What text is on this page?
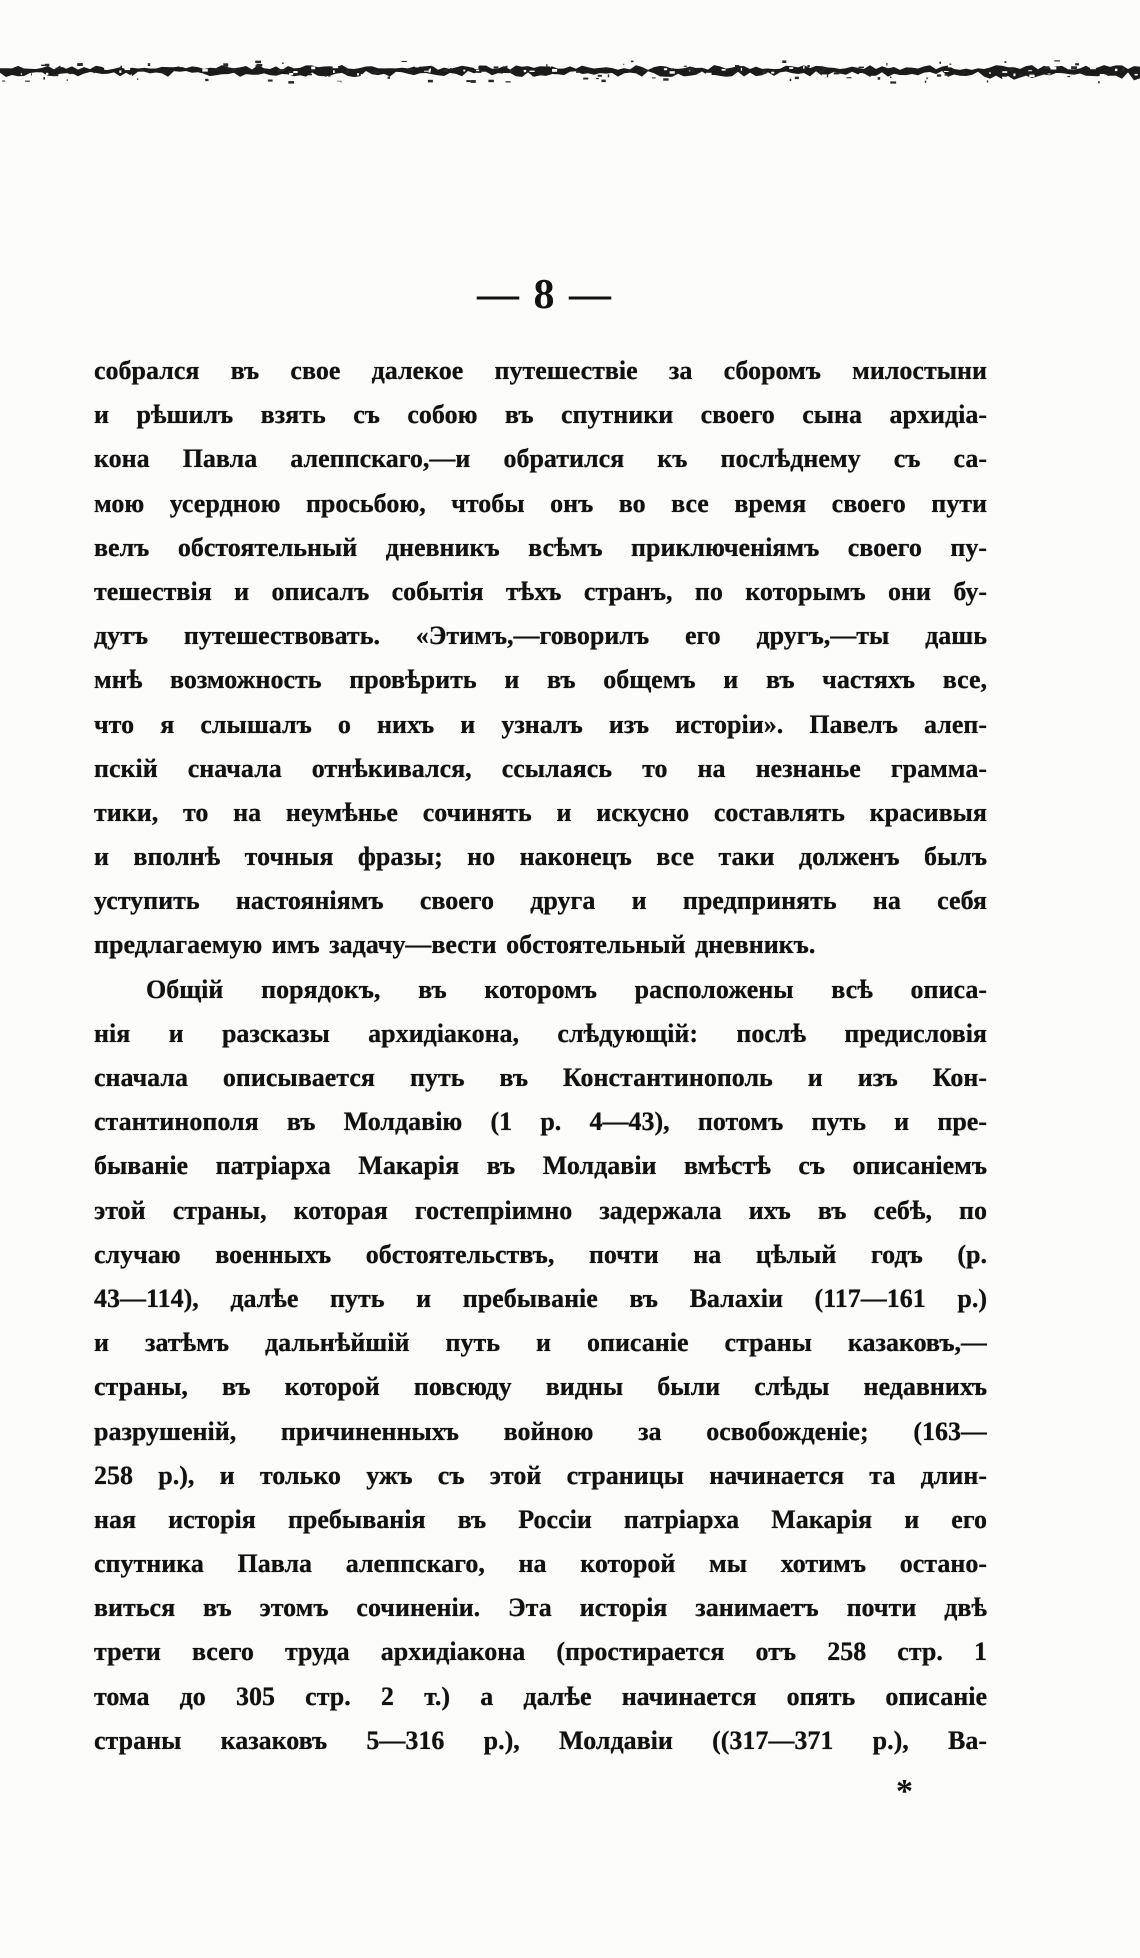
— 8 —
собрался въ свое далекое путешествіе за сборомъ милостыни
и рѣшилъ взять съ собою въ спутники своего сына архидіа-
кона Павла алеппскаго,—и обратился къ послѣднему съ са-
мою усердною просьбою, чтобы онъ во все время своего пути
велъ обстоятельный дневникъ всѣмъ приключеніямъ своего пу-
тешествія и описалъ событія тѣхъ странъ, по которымъ они бу-
дутъ путешествовать. «Этимъ,—говорилъ его другъ,—ты дашь
мнѣ возможность провѣрить и въ общемъ и въ частяхъ все,
что я слышалъ о нихъ и узналъ изъ исторіи». Павелъ алеп-
пскій сначала отнѣкивался, ссылаясь то на незнанье грамма-
тики, то на неумѣнье сочинять и искусно составлять красивыя
и вполнѣ точныя фразы; но наконецъ все таки долженъ былъ
уступить настояніямъ своего друга и предпринять на себя
предлагаемую имъ задачу—вести обстоятельный дневникъ.
Общій порядокъ, въ которомъ расположены всѣ описа-
нія и разсказы архидіакона, слѣдующій: послѣ предисловія
сначала описывается путь въ Константинополь и изъ Кон-
стантинополя въ Молдавію (1 р. 4—43), потомъ путь и пре-
бываніе патріарха Макарія въ Молдавіи вмѣстѣ съ описаніемъ
этой страны, которая гостепріимно задержала ихъ въ себѣ, по
случаю военныхъ обстоятельствъ, почти на цѣлый годъ (р.
43—114), далѣе путь и пребываніе въ Валахіи (117—161 р.)
и затѣмъ дальнѣйшій путь и описаніе страны казаковъ,—
страны, въ которой повсюду видны были слѣды недавнихъ
разрушеній, причиненныхъ войною за освобожденіе; (163—
258 р.), и только ужъ съ этой страницы начинается та длин-
ная исторія пребыванія въ Россіи патріарха Макарія и его
спутника Павла алеппскаго, на которой мы хотимъ остано-
виться въ этомъ сочиненіи. Эта исторія занимаетъ почти двѣ
трети всего труда архидіакона (простирается отъ 258 стр. 1
тома до 305 стр. 2 т.) а далѣе начинается опять описаніе
страны казаковъ 5—316 р.), Молдавіи ((317—371 р.), Ва-
*
